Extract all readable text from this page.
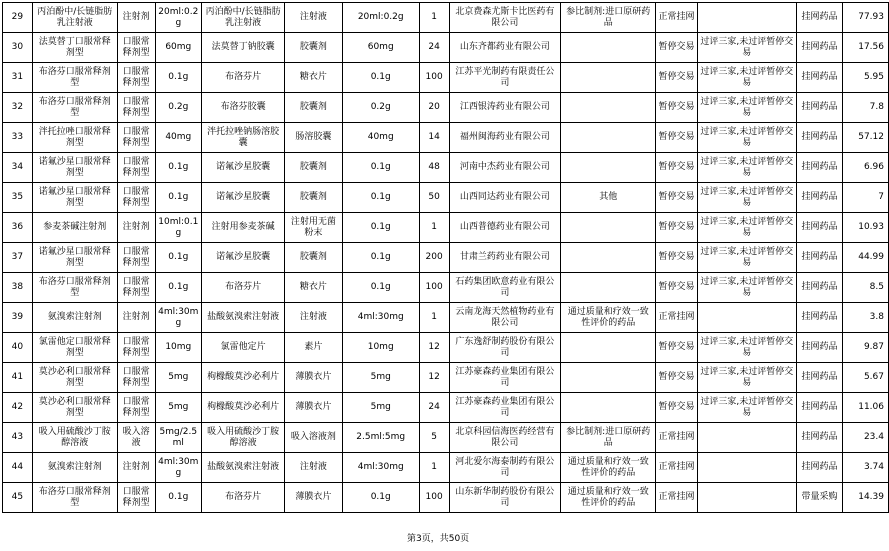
29	丙泊酚中/长链脂肪乳注射液	注射剂	20ml:0.2g	丙泊酚中/长链脂肪乳注射液	注射液	20ml:0.2g	1	北京费森尤斯卡比医药有限公司	参比制剂:进口原研药品	正常挂网		挂网药品	77.93
30	法莫替丁口服常释剂型	口服常释剂型	60mg	法莫替丁钠胶囊	胶囊剂	60mg	24	山东齐都药业有限公司		暂停交易	过评三家,未过评暂停交易	挂网药品	17.56
31	布洛芬口服常释剂型	口服常释剂型	0.1g	布洛芬片	糖衣片	0.1g	100	江苏平光制药有限责任公司		暂停交易	过评三家,未过评暂停交易	挂网药品	5.95
32	布洛芬口服常释剂型	口服常释剂型	0.2g	布洛芬胶囊	胶囊剂	0.2g	20	江西银涛药业有限公司		暂停交易	过评三家,未过评暂停交易	挂网药品	7.8
33	泮托拉唑口服常释剂型	口服常释剂型	40mg	泮托拉唑钠肠溶胶囊	肠溶胶囊	40mg	14	福州闽海药业有限公司		暂停交易	过评三家,未过评暂停交易	挂网药品	57.12
34	诺氟沙星口服常释剂型	口服常释剂型	0.1g	诺氟沙星胶囊	胶囊剂	0.1g	48	河南中杰药业有限公司		暂停交易	过评三家,未过评暂停交易	挂网药品	6.96
35	诺氟沙星口服常释剂型	口服常释剂型	0.1g	诺氟沙星胶囊	胶囊剂	0.1g	50	山西同达药业有限公司	其他	暂停交易	过评三家,未过评暂停交易	挂网药品	7
36	参麦茶碱注射剂	注射剂	10ml:0.1g	注射用参麦茶碱	注射用无菌粉末	0.1g	1	山西普德药业有限公司		暂停交易	过评三家,未过评暂停交易	挂网药品	10.93
37	诺氟沙星口服常释剂型	口服常释剂型	0.1g	诺氟沙星胶囊	胶囊剂	0.1g	200	甘肃兰药药业有限公司		暂停交易	过评三家,未过评暂停交易	挂网药品	44.99
38	布洛芬口服常释剂型	口服常释剂型	0.1g	布洛芬片	糖衣片	0.1g	100	石药集团欧意药业有限公司		暂停交易	过评三家,未过评暂停交易	挂网药品	8.5
39	氨溴索注射剂	注射剂	4ml:30mg	盐酸氨溴索注射液	注射液	4ml:30mg	1	云南龙海天然植物药业有限公司	通过质量和疗效一致性评价的药品	正常挂网		挂网药品	3.8
40	氯雷他定口服常释剂型	口服常释剂型	10mg	氯雷他定片	素片	10mg	12	广东逸舒制药股份有限公司		暂停交易	过评三家,未过评暂停交易	挂网药品	9.87
41	莫沙必利口服常释剂型	口服常释剂型	5mg	枸橼酸莫沙必利片	薄膜衣片	5mg	12	江苏豪森药业集团有限公司		暂停交易	过评三家,未过评暂停交易	挂网药品	5.67
42	莫沙必利口服常释剂型	口服常释剂型	5mg	枸橼酸莫沙必利片	薄膜衣片	5mg	24	江苏豪森药业集团有限公司		暂停交易	过评三家,未过评暂停交易	挂网药品	11.06
43	吸入用硫酸沙丁胺醇溶液	吸入溶液	5mg/2.5ml	吸入用硫酸沙丁胺醇溶液	吸入溶液剂	2.5ml:5mg	5	北京科园信海医药经营有限公司	参比制剂:进口原研药品	正常挂网		挂网药品	23.4
44	氨溴索注射剂	注射剂	4ml:30mg	盐酸氨溴索注射液	注射液	4ml:30mg	1	河北爱尔海泰制药有限公司	通过质量和疗效一致性评价的药品	正常挂网		挂网药品	3.74
45	布洛芬口服常释剂型	口服常释剂型	0.1g	布洛芬片	薄膜衣片	0.1g	100	山东新华制药股份有限公司	通过质量和疗效一致性评价的药品	正常挂网		带量采购	14.39
第3页，共50页
